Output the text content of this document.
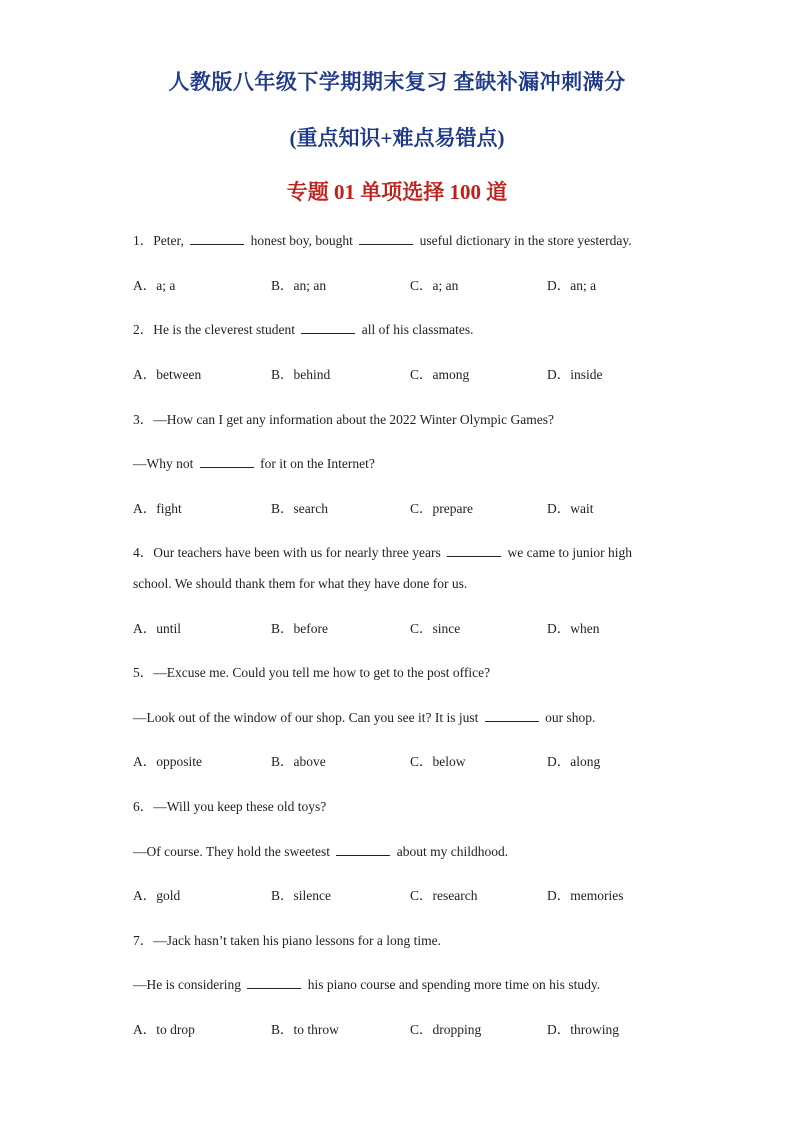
人教版八年级下学期期末复习 查缺补漏冲刺满分
(重点知识+难点易错点)
专题 01 单项选择 100 道
1．Peter,	honest boy, bought	useful dictionary in the store yesterday.
A．a; a	B．an; an	C．a; an	D．an; a
2．He is the cleverest student	all of his classmates.
A．between	B．behind	C．among	D．inside
3．—How can I get any information about the 2022 Winter Olympic Games?
—Why not	for it on the Internet?
A．fight	B．search	C．prepare	D．wait
4．Our teachers have been with us for nearly three years	we came to junior high
school. We should thank them for what they have done for us.
A．until	B．before	C．since	D．when
5．—Excuse me. Could you tell me how to get to the post office?
—Look out of the window of our shop. Can you see it? It is just	our shop.
A．opposite	B．above	C．below	D．along
6．—Will you keep these old toys?
—Of course. They hold the sweetest	about my childhood.
A．gold	B．silence	C．research	D．memories
7．—Jack hasn’t taken his piano lessons for a long time.
—He is considering	his piano course and spending more time on his study.
A．to drop	B．to throw	C．dropping	D．throwing
